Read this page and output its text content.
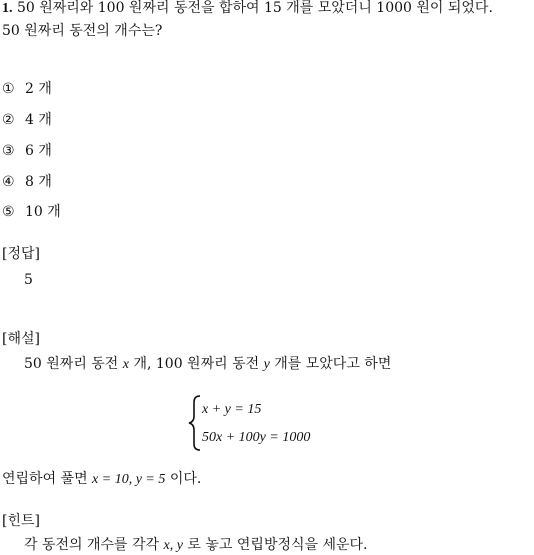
1. 50 원짜리와 100 원짜리 동전을 합하여 15 개를 모았더니 1000 원이 되었다.
50 원짜리 동전의 개수는?
① 2 개
② 4 개
③ 6 개
④ 8 개
⑤ 10 개
[정답]
5
[해설]
50 원짜리 동전 x 개, 100 원짜리 동전 y 개를 모았다고 하면
x + y = 15
50x + 100y = 1000
연립하여 풀면 x = 10, y = 5 이다.
[힌트]
각 동전의 개수를 각각 x, y 로 놓고 연립방정식을 세운다.
